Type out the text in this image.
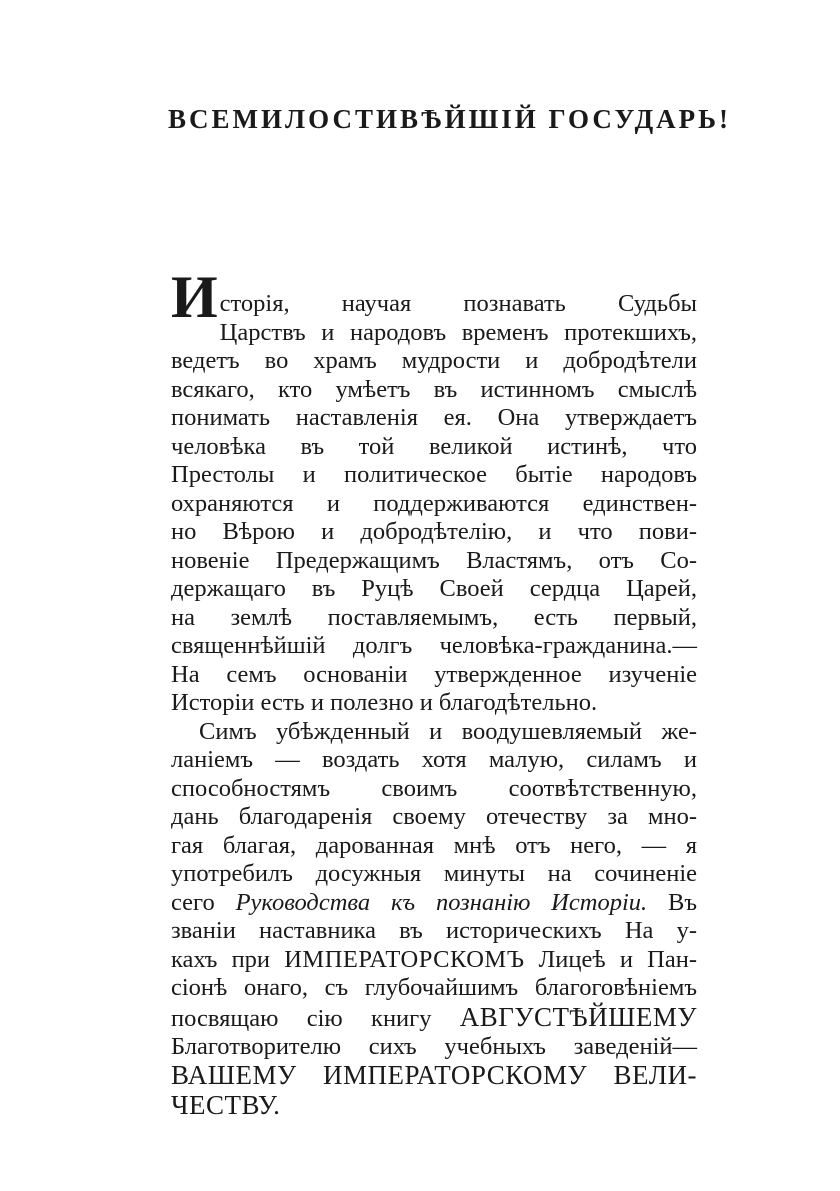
ВСЕМИЛОСТИВѢЙШІЙ ГОСУДАРЬ!
Исторія, научая познавать Судьбы
Царствъ и народовъ временъ протекшихъ,
ведетъ во храмъ мудрости и добродѣтели
всякаго, кто умѣетъ въ истинномъ смыслѣ
понимать наставленія ея. Она утверждаетъ
человѣка въ той великой истинѣ, что
Престолы и политическое бытіе народовъ
охраняются и поддерживаются единствен-
но Вѣрою и добродѣтелію, и что пови-
новеніе Предержащимъ Властямъ, отъ Со-
держащаго въ Руцѣ Своей сердца Царей,
на землѣ поставляемымъ, есть первый,
священнѣйшій долгъ человѣка-гражданина.—
На семъ основаніи утвержденное изученіе
Исторіи есть и полезно и благодѣтельно.
Симъ убѣжденный и воодушевляемый же-
ланіемъ — воздать хотя малую, силамъ и
способностямъ своимъ соотвѣтственную,
дань благодаренія своему отечеству за мно-
гая благая, дарованная мнѣ отъ него, — я
употребилъ досужныя минуты на сочиненіе
сего Руководства къ познанію Исторіи. Въ
званіи наставника въ историческихъ На у-
кахъ при ИМПЕРАТОРСКОМЪ Лицеѣ и Пан-
сіонѣ онаго, съ глубочайшимъ благоговѣніемъ
посвящаю сію книгу АВГУСТѢЙШЕМУ
Благотворителю сихъ учебныхъ заведеній—
ВАШЕМУ ИМПЕРАТОРСКОМУ ВЕЛИ-
ЧЕСТВУ.
